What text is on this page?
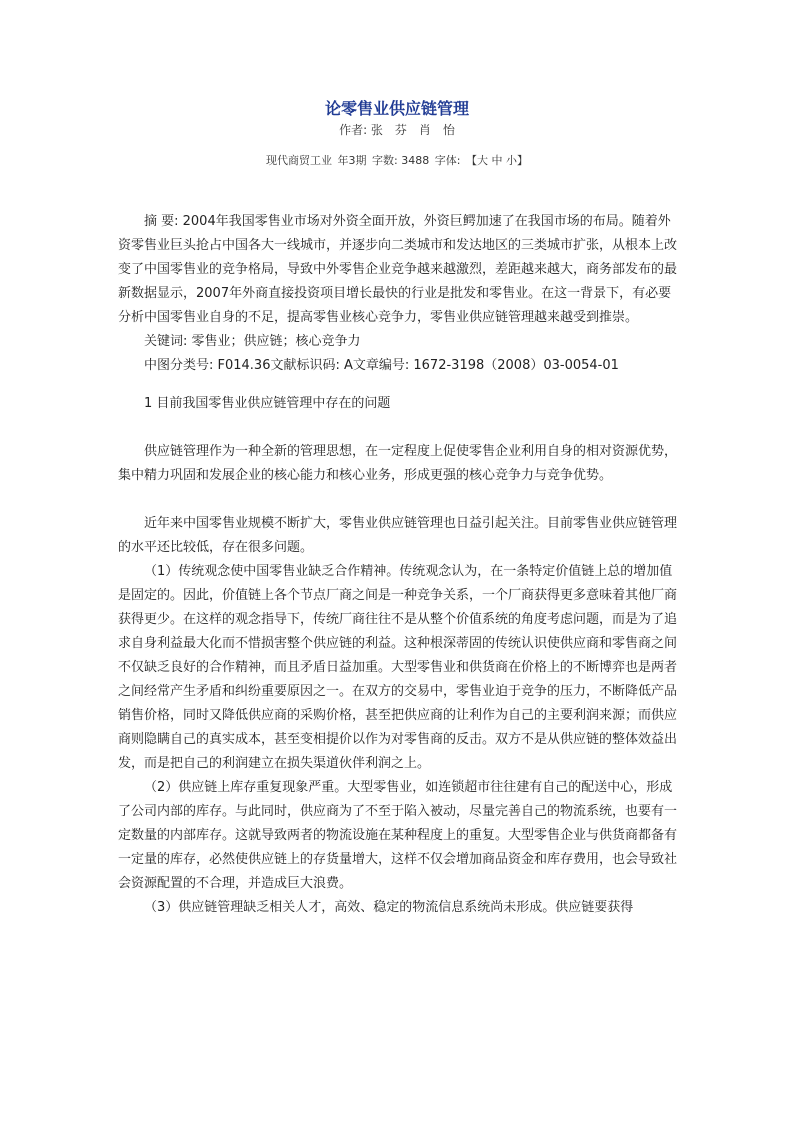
论零售业供应链管理
作者: 张　芬　肖　怡
现代商贸工业 年3期 字数: 3488 字体: 【大 中 小】

摘 要: 2004年我国零售业市场对外资全面开放，外资巨鳄加速了在我国市场的布局。随着外资零售业巨头抢占中国各大一线城市，并逐步向二类城市和发达地区的三类城市扩张，从根本上改变了中国零售业的竞争格局，导致中外零售企业竞争越来越激烈，差距越来越大，商务部发布的最新数据显示，2007年外商直接投资项目增长最快的行业是批发和零售业。在这一背景下，有必要分析中国零售业自身的不足，提高零售业核心竞争力，零售业供应链管理越来越受到推崇。

关键词: 零售业；供应链；核心竞争力

中图分类号: F014.36文献标识码: A文章编号: 1672-3198（2008）03-0054-01

1 目前我国零售业供应链管理中存在的问题

供应链管理作为一种全新的管理思想，在一定程度上促使零售企业利用自身的相对资源优势，集中精力巩固和发展企业的核心能力和核心业务，形成更强的核心竞争力与竞争优势。

近年来中国零售业规模不断扩大，零售业供应链管理也日益引起关注。目前零售业供应链管理的水平还比较低，存在很多问题。

（1）传统观念使中国零售业缺乏合作精神。传统观念认为，在一条特定价值链上总的增加值是固定的。因此，价值链上各个节点厂商之间是一种竞争关系，一个厂商获得更多意味着其他厂商获得更少。在这样的观念指导下，传统厂商往往不是从整个价值系统的角度考虑问题，而是为了追求自身利益最大化而不惜损害整个供应链的利益。这种根深蒂固的传统认识使供应商和零售商之间不仅缺乏良好的合作精神，而且矛盾日益加重。大型零售业和供货商在价格上的不断博弈也是两者之间经常产生矛盾和纠纷重要原因之一。在双方的交易中，零售业迫于竞争的压力，不断降低产品销售价格，同时又降低供应商的采购价格，甚至把供应商的让利作为自己的主要利润来源；而供应商则隐瞒自己的真实成本，甚至变相提价以作为对零售商的反击。双方不是从供应链的整体效益出发，而是把自己的利润建立在损失渠道伙伴利润之上。

（2）供应链上库存重复现象严重。大型零售业，如连锁超市往往建有自己的配送中心，形成了公司内部的库存。与此同时，供应商为了不至于陷入被动，尽量完善自己的物流系统，也要有一定数量的内部库存。这就导致两者的物流设施在某种程度上的重复。大型零售企业与供货商都备有一定量的库存，必然使供应链上的存货量增大，这样不仅会增加商品资金和库存费用，也会导致社会资源配置的不合理，并造成巨大浪费。

（3）供应链管理缺乏相关人才，高效、稳定的物流信息系统尚未形成。供应链要获得
